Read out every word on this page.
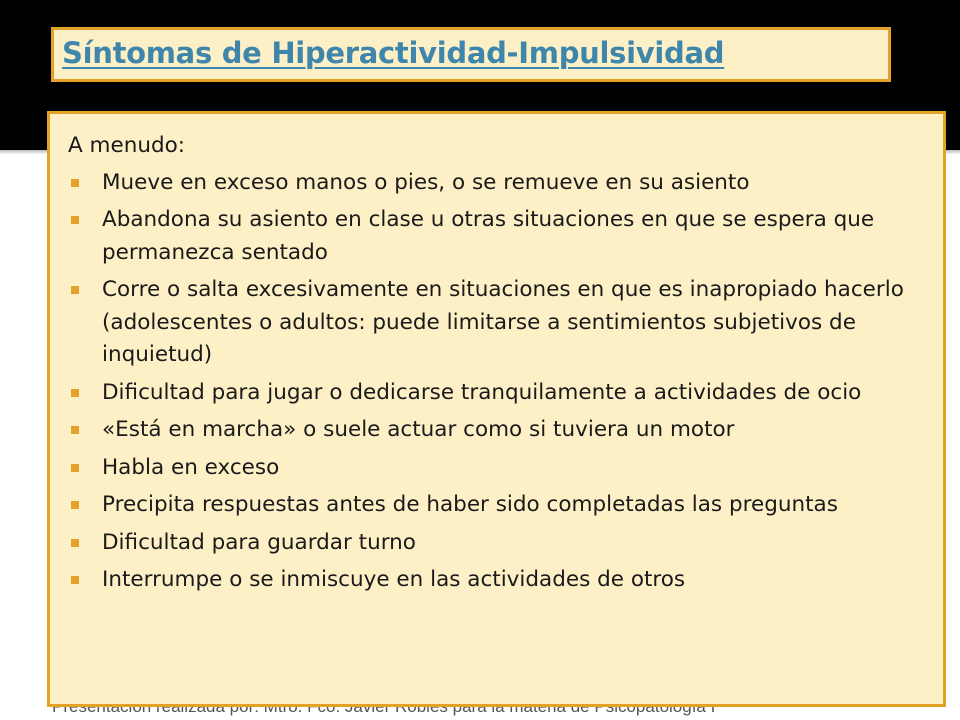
Síntomas de Hiperactividad-Impulsividad

A menudo:

Mueve en exceso manos o pies, o se remueve en su asiento
Abandona su asiento en clase u otras situaciones en que se espera que permanezca sentado
Corre o salta excesivamente en situaciones en que es inapropiado hacerlo (adolescentes o adultos: puede limitarse a sentimientos subjetivos de inquietud)
Dificultad para jugar o dedicarse tranquilamente a actividades de ocio
«Está en marcha» o suele actuar como si tuviera un motor
Habla en exceso
Precipita respuestas antes de haber sido completadas las preguntas
Dificultad para guardar turno
Interrumpe o se inmiscuye en las actividades de otros
